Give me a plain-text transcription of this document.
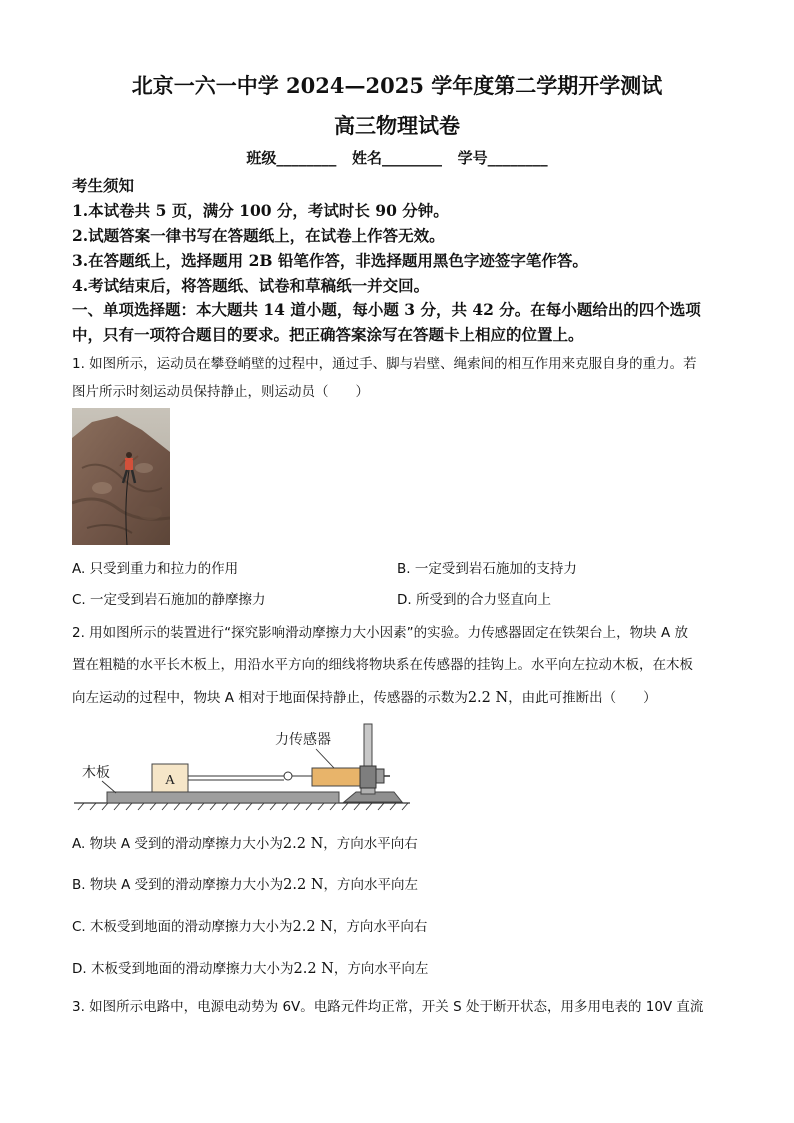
北京一六一中学 2024—2025 学年度第二学期开学测试
高三物理试卷
班级________   姓名________   学号________
考生须知
1.本试卷共 5 页，满分 100 分，考试时长 90 分钟。
2.试题答案一律书写在答题纸上，在试卷上作答无效。
3.在答题纸上，选择题用 2B 铅笔作答，非选择题用黑色字迹签字笔作答。
4.考试结束后，将答题纸、试卷和草稿纸一并交回。
一、单项选择题：本大题共 14 道小题，每小题 3 分，共 42 分。在每小题给出的四个选项
中，只有一项符合题目的要求。把正确答案涂写在答题卡上相应的位置上。
1. 如图所示，运动员在攀登峭壁的过程中，通过手、脚与岩壁、绳索间的相互作用来克服自身的重力。若
图片所示时刻运动员保持静止，则运动员（　　）
A. 只受到重力和拉力的作用	B. 一定受到岩石施加的支持力
C. 一定受到岩石施加的静摩擦力	D. 所受到的合力竖直向上
2. 用如图所示的装置进行“探究影响滑动摩擦力大小因素”的实验。力传感器固定在铁架台上，物块 A 放
置在粗糙的水平长木板上，用沿水平方向的细线将物块系在传感器的挂钩上。水平向左拉动木板，在木板
向左运动的过程中，物块 A 相对于地面保持静止，传感器的示数为2.2 N，由此可推断出（　　）
木板
A
力传感器
A. 物块 A 受到的滑动摩擦力大小为2.2 N，方向水平向右
B. 物块 A 受到的滑动摩擦力大小为2.2 N，方向水平向左
C. 木板受到地面的滑动摩擦力大小为2.2 N，方向水平向右
D. 木板受到地面的滑动摩擦力大小为2.2 N，方向水平向左
3. 如图所示电路中，电源电动势为 6V。电路元件均正常，开关 S 处于断开状态，用多用电表的 10V 直流
